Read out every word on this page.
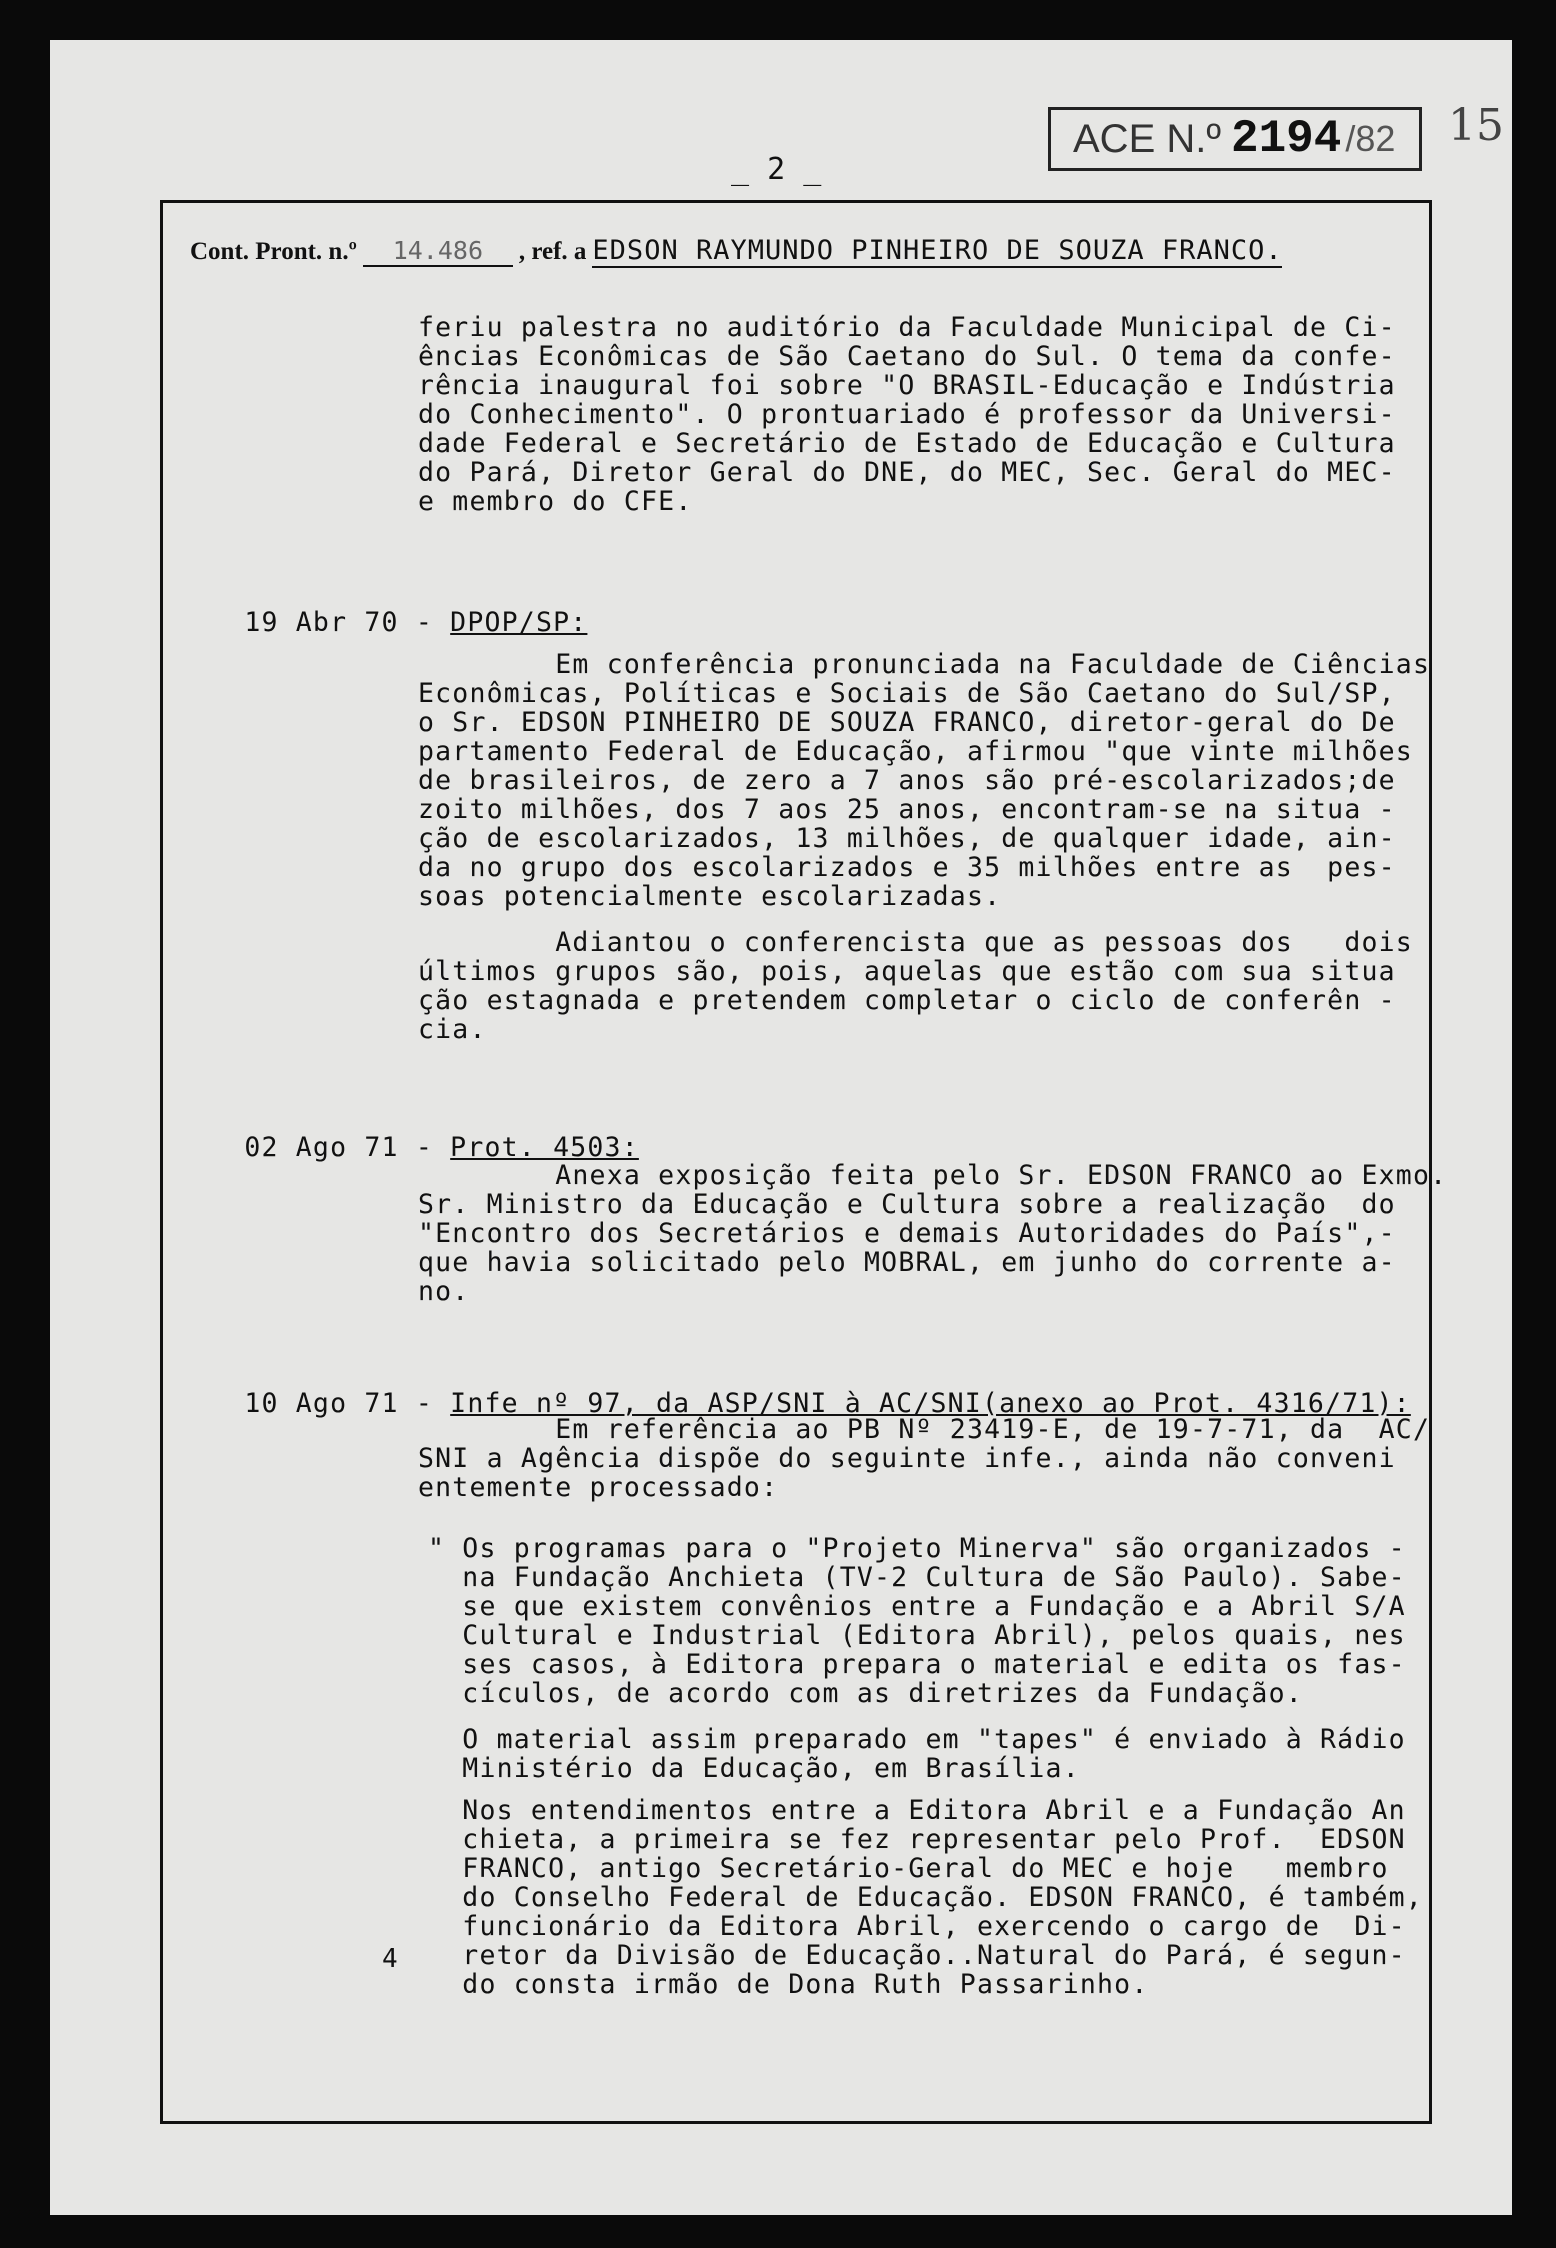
ACE N.º 2194 /82 15
_ 2 _
Cont. Pront. n.º 14.486 , ref. a EDSON RAYMUNDO PINHEIRO DE SOUZA FRANCO.
feriu palestra no auditório da Faculdade Municipal de Ci-
ências Econômicas de São Caetano do Sul. O tema da confe-
rência inaugural foi sobre "O BRASIL-Educação e Indústria
do Conhecimento". O prontuariado é professor da Universi-
dade Federal e Secretário de Estado de Educação e Cultura
do Pará, Diretor Geral do DNE, do MEC, Sec. Geral do MEC-
e membro do CFE.

19 Abr 70 - DPOP/SP:

Em conferência pronunciada na Faculdade de Ciências
Econômicas, Políticas e Sociais de São Caetano do Sul/SP,
o Sr. EDSON PINHEIRO DE SOUZA FRANCO, diretor-geral do De
partamento Federal de Educação, afirmou "que vinte milhões
de brasileiros, de zero a 7 anos são pré-escolarizados;de
zoito milhões, dos 7 aos 25 anos, encontram-se na situa -
ção de escolarizados, 13 milhões, de qualquer idade, ain-
da no grupo dos escolarizados e 35 milhões entre as  pes-
soas potencialmente escolarizadas.
Adiantou o conferencista que as pessoas dos   dois
últimos grupos são, pois, aquelas que estão com sua situa
ção estagnada e pretendem completar o ciclo de conferên -
cia.

02 Ago 71 - Prot. 4503:

Anexa exposição feita pelo Sr. EDSON FRANCO ao Exmo.
Sr. Ministro da Educação e Cultura sobre a realização  do
"Encontro dos Secretários e demais Autoridades do País",-
que havia solicitado pelo MOBRAL, em junho do corrente a-
no.

10 Ago 71 - Infe nº 97, da ASP/SNI à AC/SNI(anexo ao Prot. 4316/71):

Em referência ao PB Nº 23419-E, de 19-7-71, da  AC/
SNI a Agência dispõe do seguinte infe., ainda não conveni
entemente processado:
" Os programas para o "Projeto Minerva" são organizados -
na Fundação Anchieta (TV-2 Cultura de São Paulo). Sabe-
se que existem convênios entre a Fundação e a Abril S/A
Cultural e Industrial (Editora Abril), pelos quais, nes
ses casos, à Editora prepara o material e edita os fas-
cículos, de acordo com as diretrizes da Fundação.
O material assim preparado em "tapes" é enviado à Rádio
Ministério da Educação, em Brasília.
Nos entendimentos entre a Editora Abril e a Fundação An
chieta, a primeira se fez representar pelo Prof.  EDSON
FRANCO, antigo Secretário-Geral do MEC e hoje   membro
do Conselho Federal de Educação. EDSON FRANCO, é também,
funcionário da Editora Abril, exercendo o cargo de  Di-
retor da Divisão de Educação..Natural do Pará, é segun-
do consta irmão de Dona Ruth Passarinho.
4
